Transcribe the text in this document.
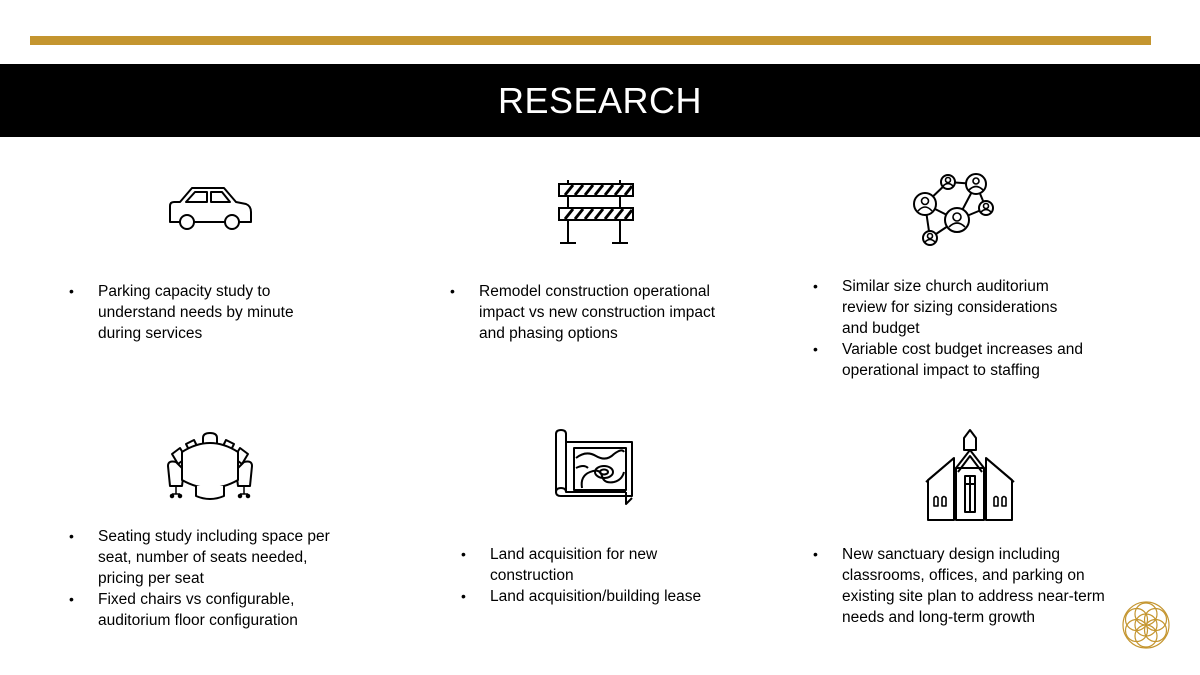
RESEARCH
• Parking capacity study to understand needs by minute during services
• Remodel construction operational impact vs new construction impact and phasing options
• Similar size church auditorium review for sizing considerations and budget
• Variable cost budget increases and operational impact to staffing
• Seating study including space per seat, number of seats needed, pricing per seat
• Fixed chairs vs configurable, auditorium floor configuration
• Land acquisition for new construction
• Land acquisition/building lease
• New sanctuary design including classrooms, offices, and parking on existing site plan to address near-term needs and long-term growth
